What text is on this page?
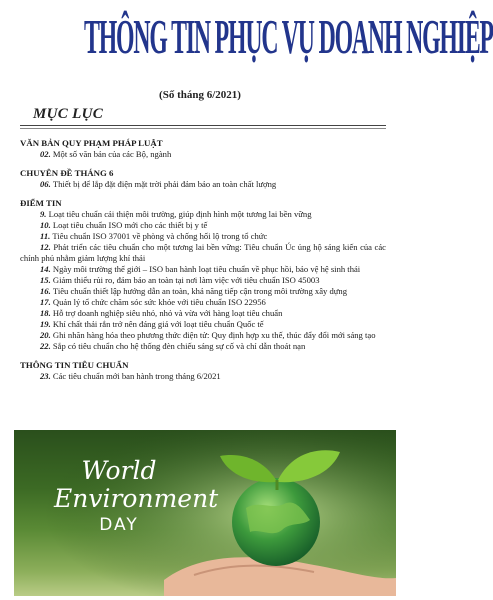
THÔNG TIN PHỤC VỤ DOANH NGHIỆP
(Số tháng 6/2021)
MỤC LỤC
VĂN BẢN QUY PHẠM PHÁP LUẬT
02. Một số văn bản của các Bộ, ngành
CHUYÊN ĐỀ THÁNG 6
06. Thiết bị để lắp đặt điện mặt trời phải đảm bảo an toàn chất lượng
ĐIỂM TIN
9. Loạt tiêu chuẩn cải thiện môi trường, giúp định hình một tương lai bền vững
10. Loạt tiêu chuẩn ISO mới cho các thiết bị y tế
11. Tiêu chuẩn ISO 37001 về phòng và chống hối lộ trong tổ chức
12. Phát triển các tiêu chuẩn cho một tương lai bền vững: Tiêu chuẩn Úc ủng hộ sáng kiến của các chính phủ nhằm giảm lượng khí thải
14. Ngày môi trường thế giới – ISO ban hành loạt tiêu chuẩn về phục hồi, bảo vệ hệ sinh thái
15. Giảm thiểu rủi ro, đảm bảo an toàn tại nơi làm việc với tiêu chuẩn ISO 45003
16. Tiêu chuẩn thiết lập hướng dẫn an toàn, khả năng tiếp cận trong môi trường xây dựng
17. Quản lý tổ chức chăm sóc sức khỏe với tiêu chuẩn ISO 22956
18. Hỗ trợ doanh nghiệp siêu nhỏ, nhỏ và vừa với hàng loạt tiêu chuẩn
19. Khí chất thải rắn trở nên đáng giá với loạt tiêu chuẩn Quốc tế
20. Ghi nhãn hàng hóa theo phương thức điện tử: Quy định hợp xu thế, thúc đẩy đổi mới sáng tạo
22. Sắp có tiêu chuẩn cho hệ thống đèn chiếu sáng sự cố và chỉ dẫn thoát nạn
THÔNG TIN TIÊU CHUẨN
23. Các tiêu chuẩn mới ban hành trong tháng 6/2021
World
Environment
DAY
